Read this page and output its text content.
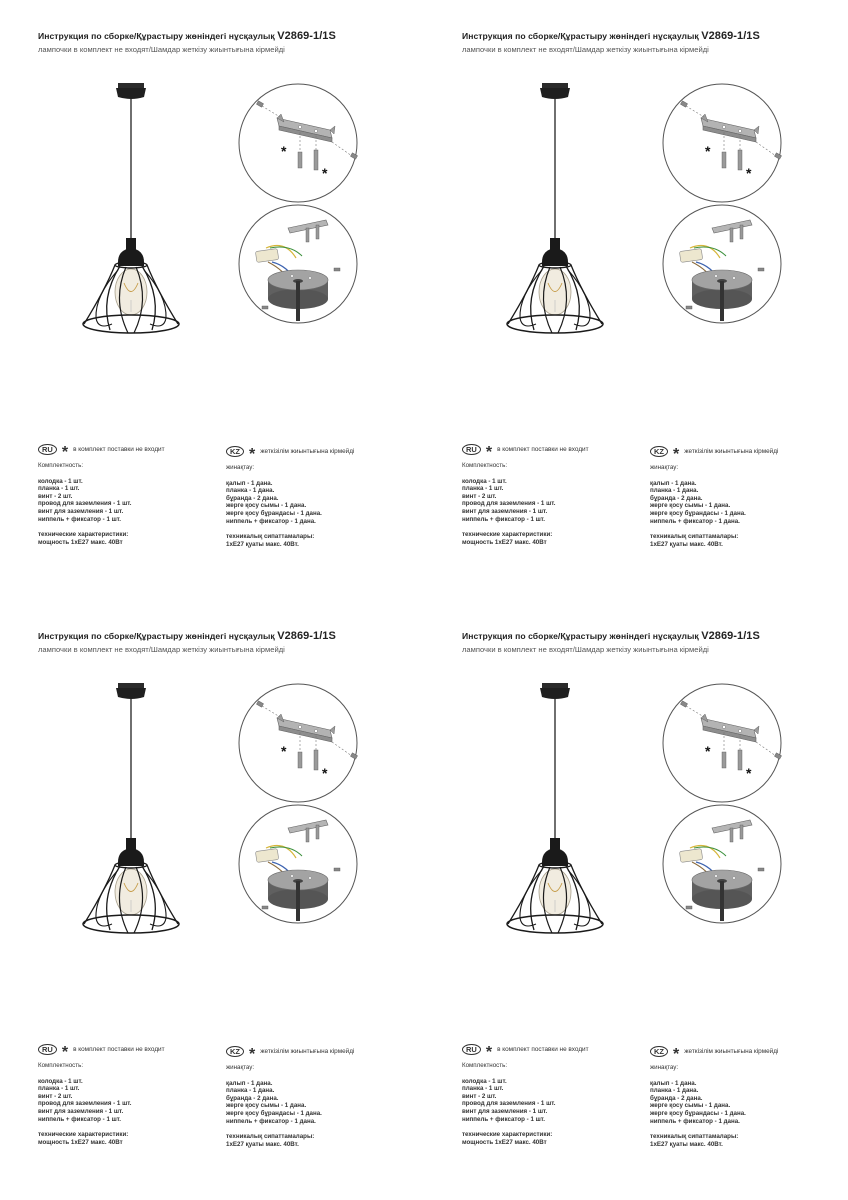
Инструкция по сборке/Құрастыру жөніндегі нұсқаулық V2869-1/1S
лампочки в комплект не входят/Шамдар жеткізу жиынтығына кірмейді
*
*
RU * в комплект поставки не входит
Комплектность:
колодка - 1 шт.
планка - 1 шт.
винт - 2 шт.
провод для заземления - 1 шт.
винт для заземления - 1 шт.
ниппель + фиксатор - 1 шт.
технические характеристики:
мощность 1хЕ27 макс. 40Вт
KZ * жеткізілім жиынтығына кірмейді
жинақтау:
қалып - 1 дана.
планка - 1 дана.
бұранда - 2 дана.
жерге қосу сымы - 1 дана.
жерге қосу бұрандасы - 1 дана.
ниппель + фиксатор - 1 дана.
техникалық сипаттамалары:
1хЕ27 қуаты макс. 40Вт.
Инструкция по сборке/Құрастыру жөніндегі нұсқаулық V2869-1/1S
лампочки в комплект не входят/Шамдар жеткізу жиынтығына кірмейді
*
*
RU * в комплект поставки не входит
Комплектность:
колодка - 1 шт.
планка - 1 шт.
винт - 2 шт.
провод для заземления - 1 шт.
винт для заземления - 1 шт.
ниппель + фиксатор - 1 шт.
технические характеристики:
мощность 1хЕ27 макс. 40Вт
KZ * жеткізілім жиынтығына кірмейді
жинақтау:
қалып - 1 дана.
планка - 1 дана.
бұранда - 2 дана.
жерге қосу сымы - 1 дана.
жерге қосу бұрандасы - 1 дана.
ниппель + фиксатор - 1 дана.
техникалық сипаттамалары:
1хЕ27 қуаты макс. 40Вт.
Инструкция по сборке/Құрастыру жөніндегі нұсқаулық V2869-1/1S
лампочки в комплект не входят/Шамдар жеткізу жиынтығына кірмейді
*
*
RU * в комплект поставки не входит
Комплектность:
колодка - 1 шт.
планка - 1 шт.
винт - 2 шт.
провод для заземления - 1 шт.
винт для заземления - 1 шт.
ниппель + фиксатор - 1 шт.
технические характеристики:
мощность 1хЕ27 макс. 40Вт
KZ * жеткізілім жиынтығына кірмейді
жинақтау:
қалып - 1 дана.
планка - 1 дана.
бұранда - 2 дана.
жерге қосу сымы - 1 дана.
жерге қосу бұрандасы - 1 дана.
ниппель + фиксатор - 1 дана.
техникалық сипаттамалары:
1хЕ27 қуаты макс. 40Вт.
Инструкция по сборке/Құрастыру жөніндегі нұсқаулық V2869-1/1S
лампочки в комплект не входят/Шамдар жеткізу жиынтығына кірмейді
*
*
RU * в комплект поставки не входит
Комплектность:
колодка - 1 шт.
планка - 1 шт.
винт - 2 шт.
провод для заземления - 1 шт.
винт для заземления - 1 шт.
ниппель + фиксатор - 1 шт.
технические характеристики:
мощность 1хЕ27 макс. 40Вт
KZ * жеткізілім жиынтығына кірмейді
жинақтау:
қалып - 1 дана.
планка - 1 дана.
бұранда - 2 дана.
жерге қосу сымы - 1 дана.
жерге қосу бұрандасы - 1 дана.
ниппель + фиксатор - 1 дана.
техникалық сипаттамалары:
1хЕ27 қуаты макс. 40Вт.
